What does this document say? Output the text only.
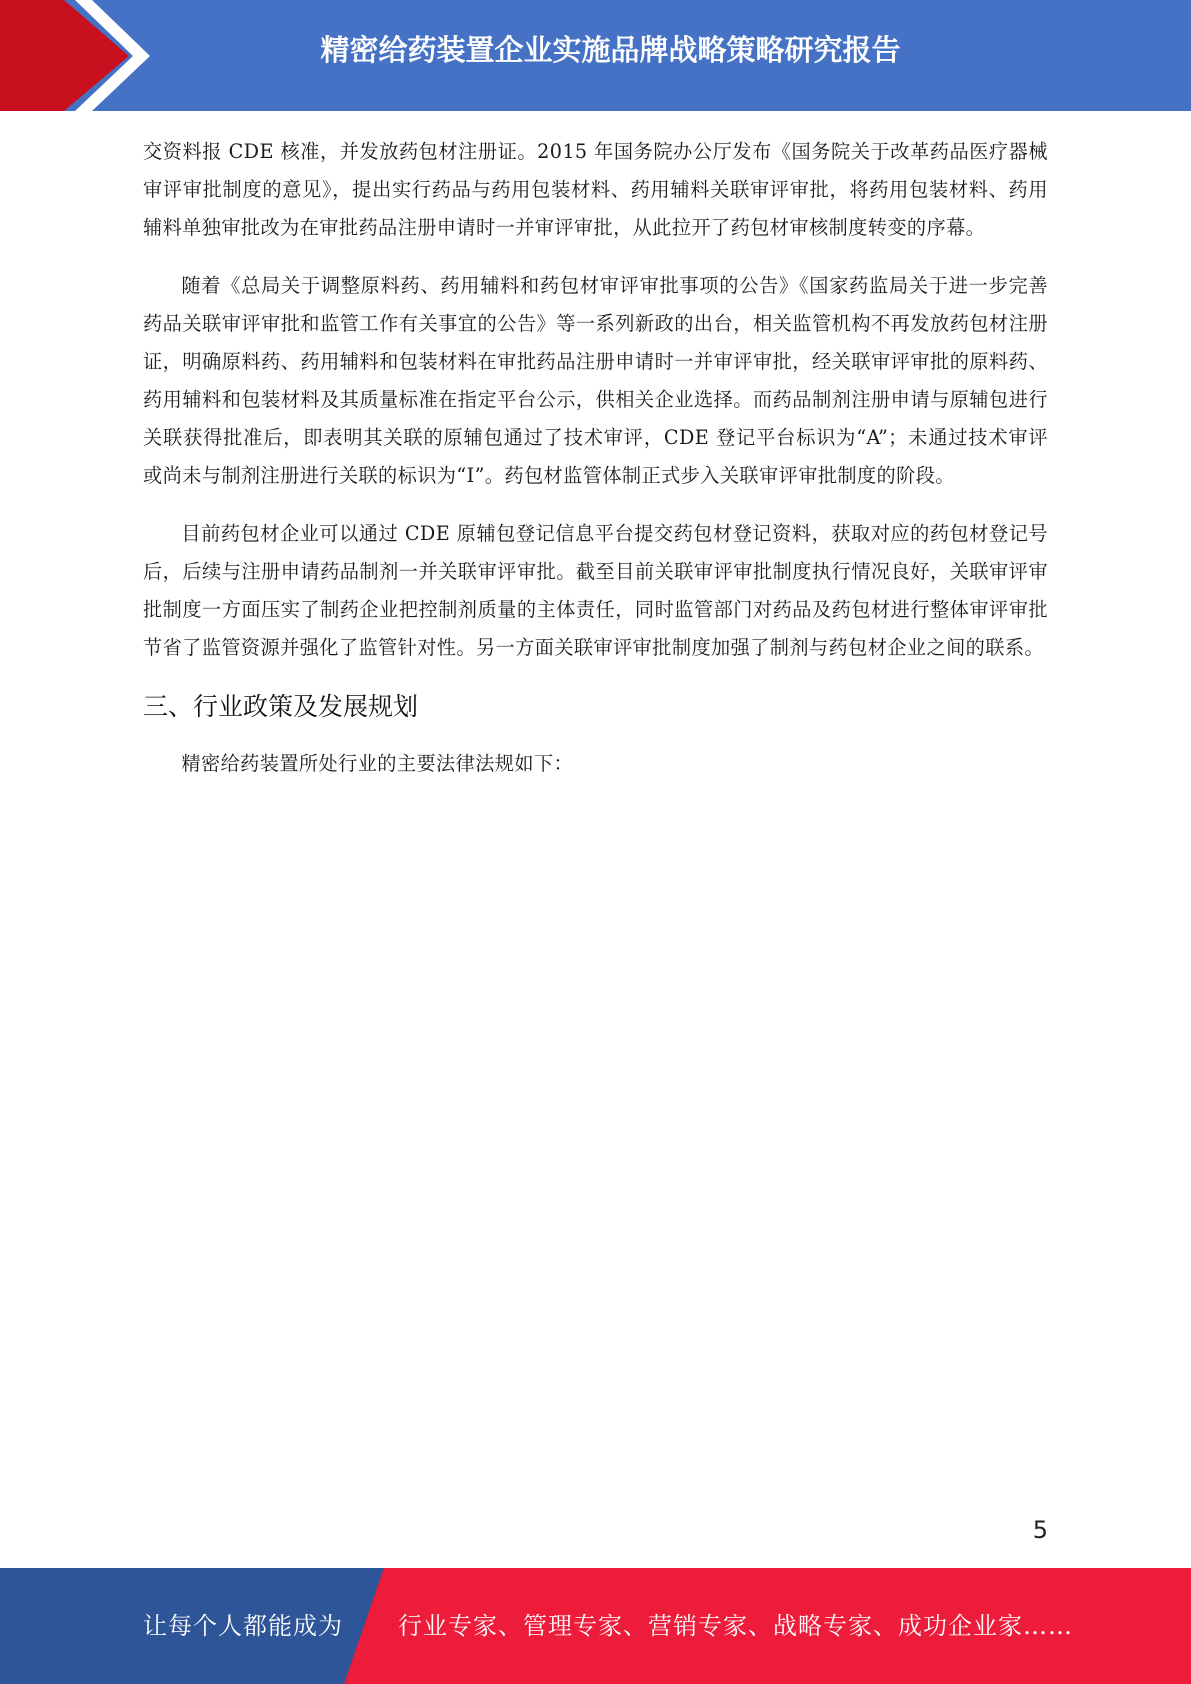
精密给药装置企业实施品牌战略策略研究报告

交资料报 CDE 核准，并发放药包材注册证。2015 年国务院办公厅发布《国务院关于改革药品医疗器械审评审批制度的意见》，提出实行药品与药用包装材料、药用辅料关联审评审批，将药用包装材料、药用辅料单独审批改为在审批药品注册申请时一并审评审批，从此拉开了药包材审核制度转变的序幕。

随着《总局关于调整原料药、药用辅料和药包材审评审批事项的公告》《国家药监局关于进一步完善药品关联审评审批和监管工作有关事宜的公告》等一系列新政的出台，相关监管机构不再发放药包材注册证，明确原料药、药用辅料和包装材料在审批药品注册申请时一并审评审批，经关联审评审批的原料药、药用辅料和包装材料及其质量标准在指定平台公示，供相关企业选择。而药品制剂注册申请与原辅包进行关联获得批准后，即表明其关联的原辅包通过了技术审评，CDE 登记平台标识为“A”；未通过技术审评或尚未与制剂注册进行关联的标识为“I”。药包材监管体制正式步入关联审评审批制度的阶段。

目前药包材企业可以通过 CDE 原辅包登记信息平台提交药包材登记资料，获取对应的药包材登记号后，后续与注册申请药品制剂一并关联审评审批。截至目前关联审评审批制度执行情况良好，关联审评审批制度一方面压实了制药企业把控制剂质量的主体责任，同时监管部门对药品及药包材进行整体审评审批节省了监管资源并强化了监管针对性。另一方面关联审评审批制度加强了制剂与药包材企业之间的联系。

三、行业政策及发展规划

精密给药装置所处行业的主要法律法规如下：

5
让每个人都能成为 行业专家、管理专家、营销专家、战略专家、成功企业家……
